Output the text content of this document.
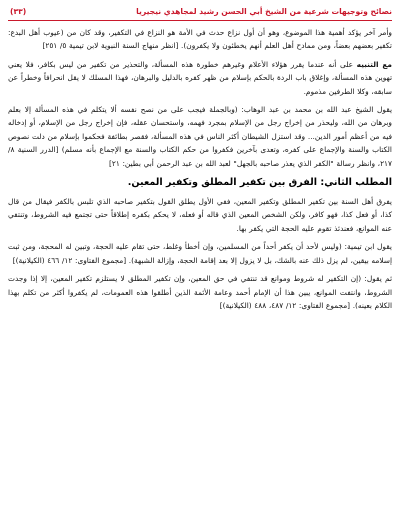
نصائح وتوجيهات شرعية من الشيخ أبي الحسن رشيد لمجاهدي نيجيريا
(٣٣)

وأمر آخر يؤكد أهمية هذا الموضوع، وهو أن أول نزاع حدث في الأمة هو النزاع في التكفير، وقد كان من (عيوب أهل البدع: تكفير بعضهم بعضاً، ومن ممادح أهل العلم أنهم يخطئون ولا يكفرون). [انظر منهاج السنة النبوية لابن تيمية ٥/ ٢٥١]

مع التنبيه على أنه عندما يقرر هؤلاء الأعلام وغيرهم خطورة هذه المسألة، والتحذير من تكفير من ليس بكافر، فلا يعني تهوين هذه المسألة، وإغلاق باب الردة بالحكم بإسلام من ظهر كفره بالدليل والبرهان، فهذا المسلك لا يقل انحرافاً وخطراً عن سابقه، وكلا الطرفين مذموم.

يقول الشيخ عبد الله بن محمد بن عبد الوهاب: (وبالجملة فيجب على من نصح نفسه ألا يتكلم في هذه المسألة إلا بعلم وبرهان من الله، وليحذر من إخراج رجل من الإسلام بمجرد فهمه، واستحسان عقله، فإن إخراج رجل من الإسلام، أو إدخاله فيه من أعظم أمور الدين... وقد استزل الشيطان أكثر الناس في هذه المسألة، فقصر بطائفة فحكموا بإسلام من دلت نصوص الكتاب والسنة والإجماع على كفره، وتعدى بآخرين فكفروا من حكم الكتاب والسنة مع الإجماع بأنه مسلم) [الدرر السنية ٨/ ٢١٧، وانظر رسالة "الكفر الذي يعذر صاحبه بالجهل" لعبد الله بن عبد الرحمن أبي بطين: ٢١]

المطلب الثاني: الفرق بين تكفير المطلق وتكفير المعين.

يفرق أهل السنة بين تكفير المطلق وتكفير المعين، ففي الأول يطلق القول بتكفير صاحبه الذي تلبس بالكفر فيقال من قال كذا، أو فعل كذا، فهو كافر، ولكن الشخص المعين الذي قاله أو فعله، لا يحكم بكفره إطلاقاً حتى تجتمع فيه الشروط، وتنتفي عنه الموانع، فعندئذ تقوم عليه الحجة التي يكفر بها.

يقول ابن تيمية: (وليس لأحد أن يكفر أحداً من المسلمين، وإن أخطأ وغلط، حتى تقام عليه الحجة، وتبين له المحجة، ومن ثبت إسلامه بيقين، لم يزل ذلك عنه بالشك، بل لا يزول إلا بعد إقامة الحجة، وإزالة الشبهة). [مجموع الفتاوى: ١٢/ ٤٦٦ (الكيلانية)]

ثم يقول: (إن التكفير له شروط وموانع قد تنتفي في حق المعين، وإن تكفير المطلق لا يستلزم تكفير المعين، إلا إذا وجدت الشروط، وانتفت الموانع، يبين هذا أن الإمام أحمد وعامة الأئمة الذين أطلقوا هذه العمومات، لم يكفروا أكثر من تكلم بهذا الكلام بعينه). [مجموع الفتاوى: ١٢/ ٤٨٧، ٤٨٨ (الكيلانية)]
